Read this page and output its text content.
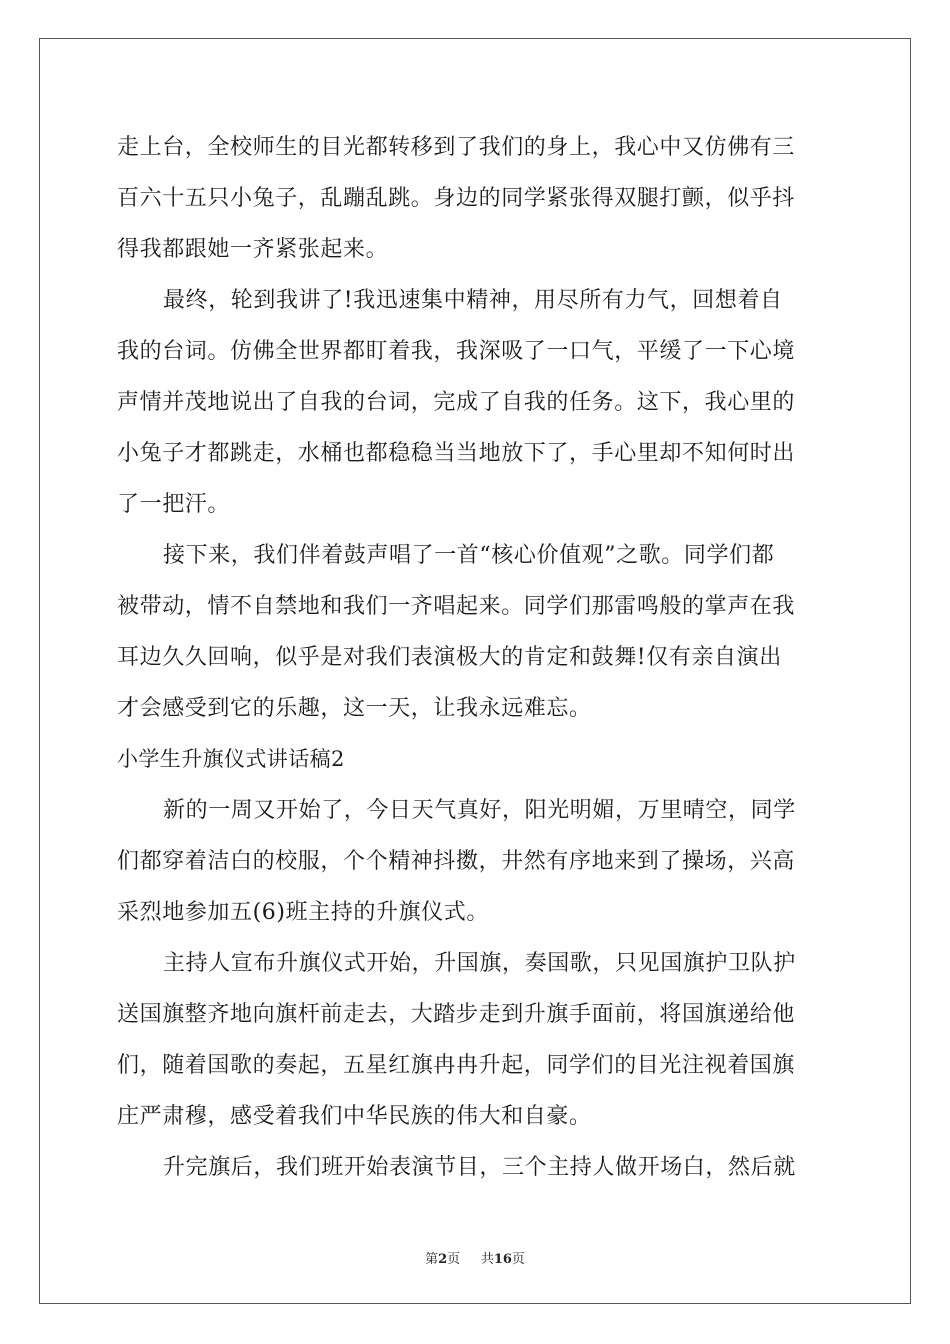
走上台，全校师生的目光都转移到了我们的身上，我心中又仿佛有三
百六十五只小兔子，乱蹦乱跳。身边的同学紧张得双腿打颤，似乎抖
得我都跟她一齐紧张起来。
最终，轮到我讲了!我迅速集中精神，用尽所有力气，回想着自
我的台词。仿佛全世界都盯着我，我深吸了一口气，平缓了一下心境
声情并茂地说出了自我的台词，完成了自我的任务。这下，我心里的
小兔子才都跳走，水桶也都稳稳当当地放下了，手心里却不知何时出
了一把汗。
接下来，我们伴着鼓声唱了一首“核心价值观”之歌。同学们都
被带动，情不自禁地和我们一齐唱起来。同学们那雷鸣般的掌声在我
耳边久久回响，似乎是对我们表演极大的肯定和鼓舞!仅有亲自演出
才会感受到它的乐趣，这一天，让我永远难忘。
小学生升旗仪式讲话稿2
新的一周又开始了，今日天气真好，阳光明媚，万里晴空，同学
们都穿着洁白的校服，个个精神抖擞，井然有序地来到了操场，兴高
采烈地参加五(6)班主持的升旗仪式。
主持人宣布升旗仪式开始，升国旗，奏国歌，只见国旗护卫队护
送国旗整齐地向旗杆前走去，大踏步走到升旗手面前，将国旗递给他
们，随着国歌的奏起，五星红旗冉冉升起，同学们的目光注视着国旗
庄严肃穆，感受着我们中华民族的伟大和自豪。
升完旗后，我们班开始表演节目，三个主持人做开场白，然后就
第2页 共16页
